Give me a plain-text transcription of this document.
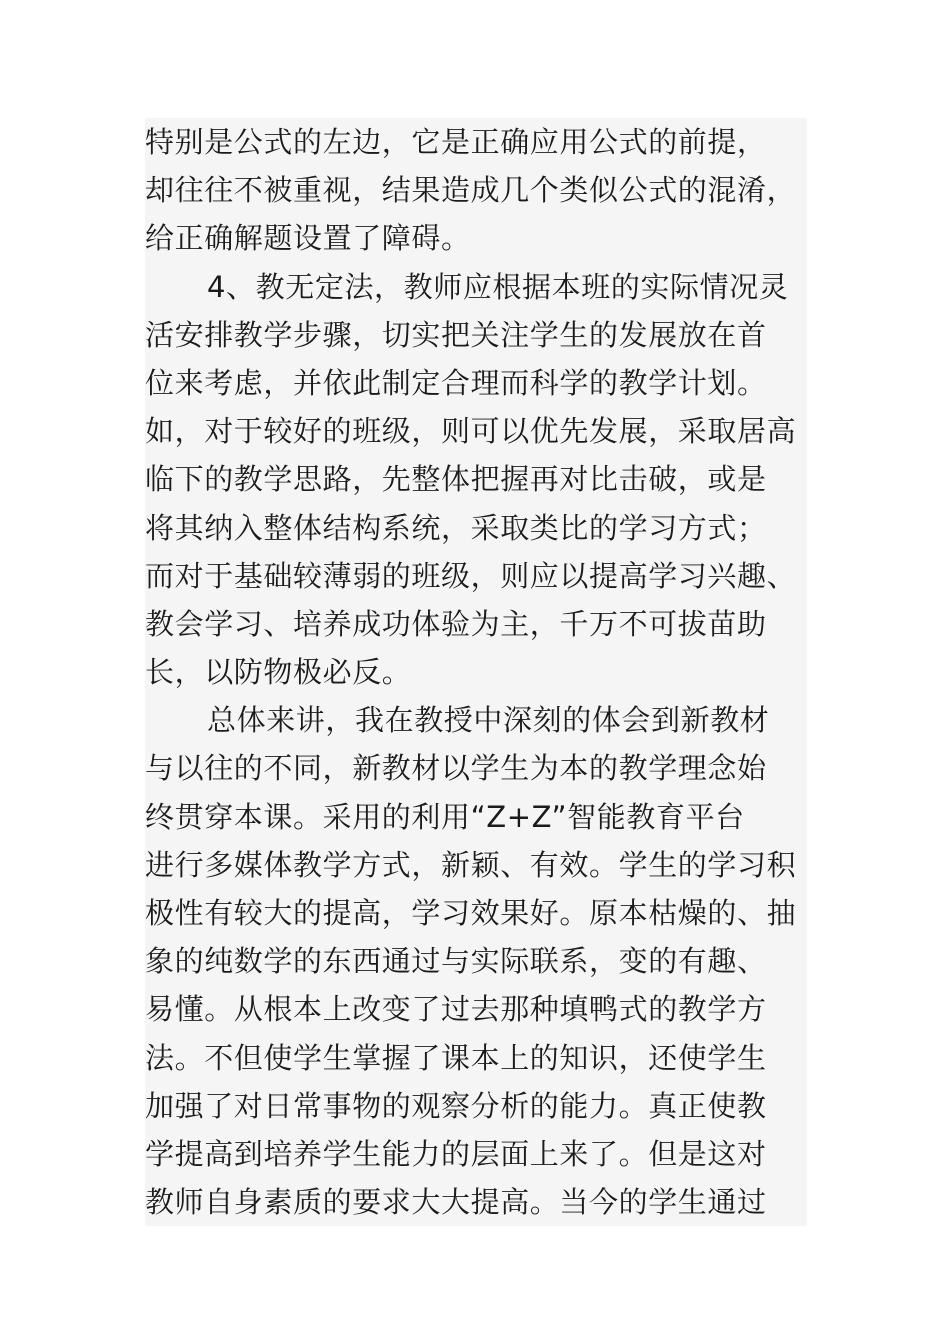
特别是公式的左边，它是正确应用公式的前提，
却往往不被重视，结果造成几个类似公式的混淆，
给正确解题设置了障碍。
4、教无定法，教师应根据本班的实际情况灵
活安排教学步骤，切实把关注学生的发展放在首
位来考虑，并依此制定合理而科学的教学计划。
如，对于较好的班级，则可以优先发展，采取居高
临下的教学思路，先整体把握再对比击破，或是
将其纳入整体结构系统，采取类比的学习方式；
而对于基础较薄弱的班级，则应以提高学习兴趣、
教会学习、培养成功体验为主，千万不可拔苗助
长，以防物极必反。
总体来讲，我在教授中深刻的体会到新教材
与以往的不同，新教材以学生为本的教学理念始
终贯穿本课。采用的利用“Z+Z”智能教育平台
进行多媒体教学方式，新颖、有效。学生的学习积
极性有较大的提高，学习效果好。原本枯燥的、抽
象的纯数学的东西通过与实际联系，变的有趣、
易懂。从根本上改变了过去那种填鸭式的教学方
法。不但使学生掌握了课本上的知识，还使学生
加强了对日常事物的观察分析的能力。真正使教
学提高到培养学生能力的层面上来了。但是这对
教师自身素质的要求大大提高。当今的学生通过
